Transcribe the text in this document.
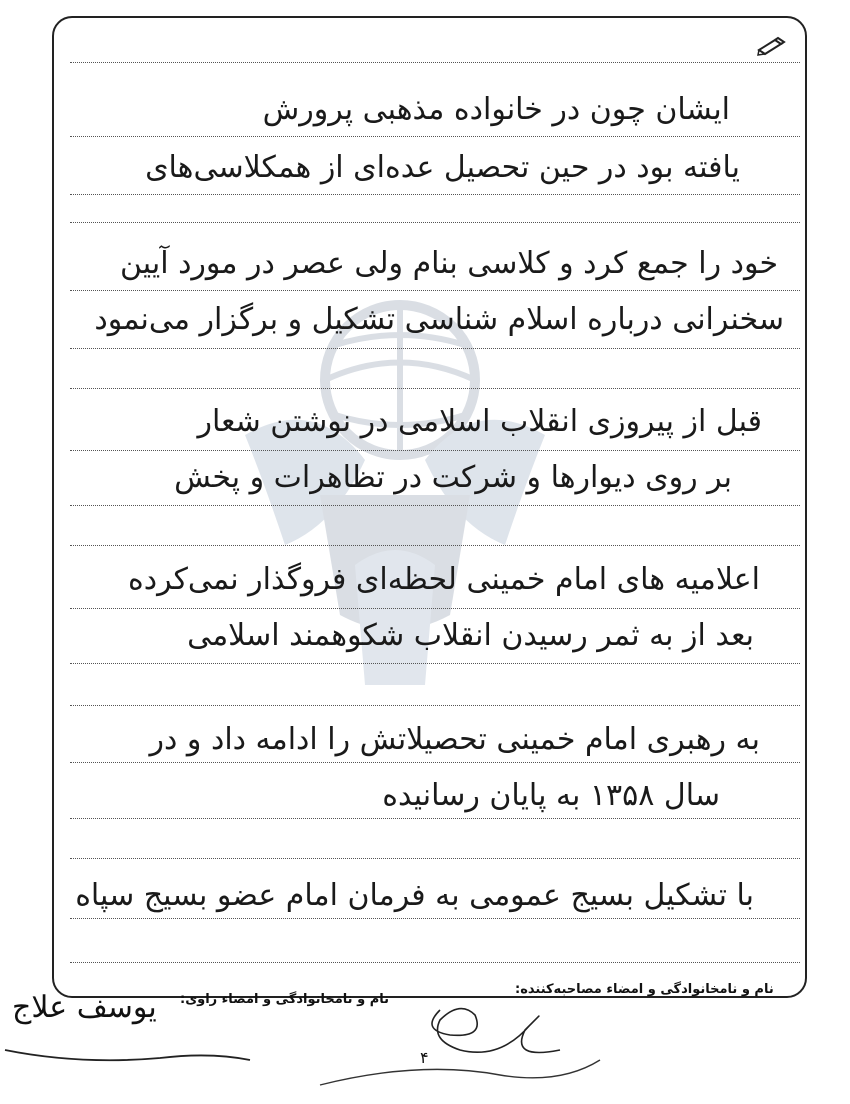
ایشان چون در خانواده مذهبی پرورش
یافته بود در حین تحصیل عده‌ای از همکلاسی‌های
خود را جمع کرد و کلاسی بنام ولی عصر در مورد آیین
سخنرانی درباره اسلام شناسی تشکیل و برگزار می‌نمود
قبل از پیروزی انقلاب اسلامی در نوشتن شعار
بر روی دیوارها و شرکت در تظاهرات و پخش
اعلامیه های امام خمینی لحظه‌ای فروگذار نمی‌کرده
بعد از به ثمر رسیدن انقلاب شکوهمند اسلامی
به رهبری امام خمینی تحصیلاتش را ادامه داد و در
سال ۱۳۵۸ به پایان رسانیده
با تشکیل بسیج عمومی به فرمان امام عضو بسیج سپاه
نام و نامخانوادگی و امضاء راوی:
نام و نامخانوادگی و امضاء مصاحبه‌کننده:
یوسف علاج
۴
